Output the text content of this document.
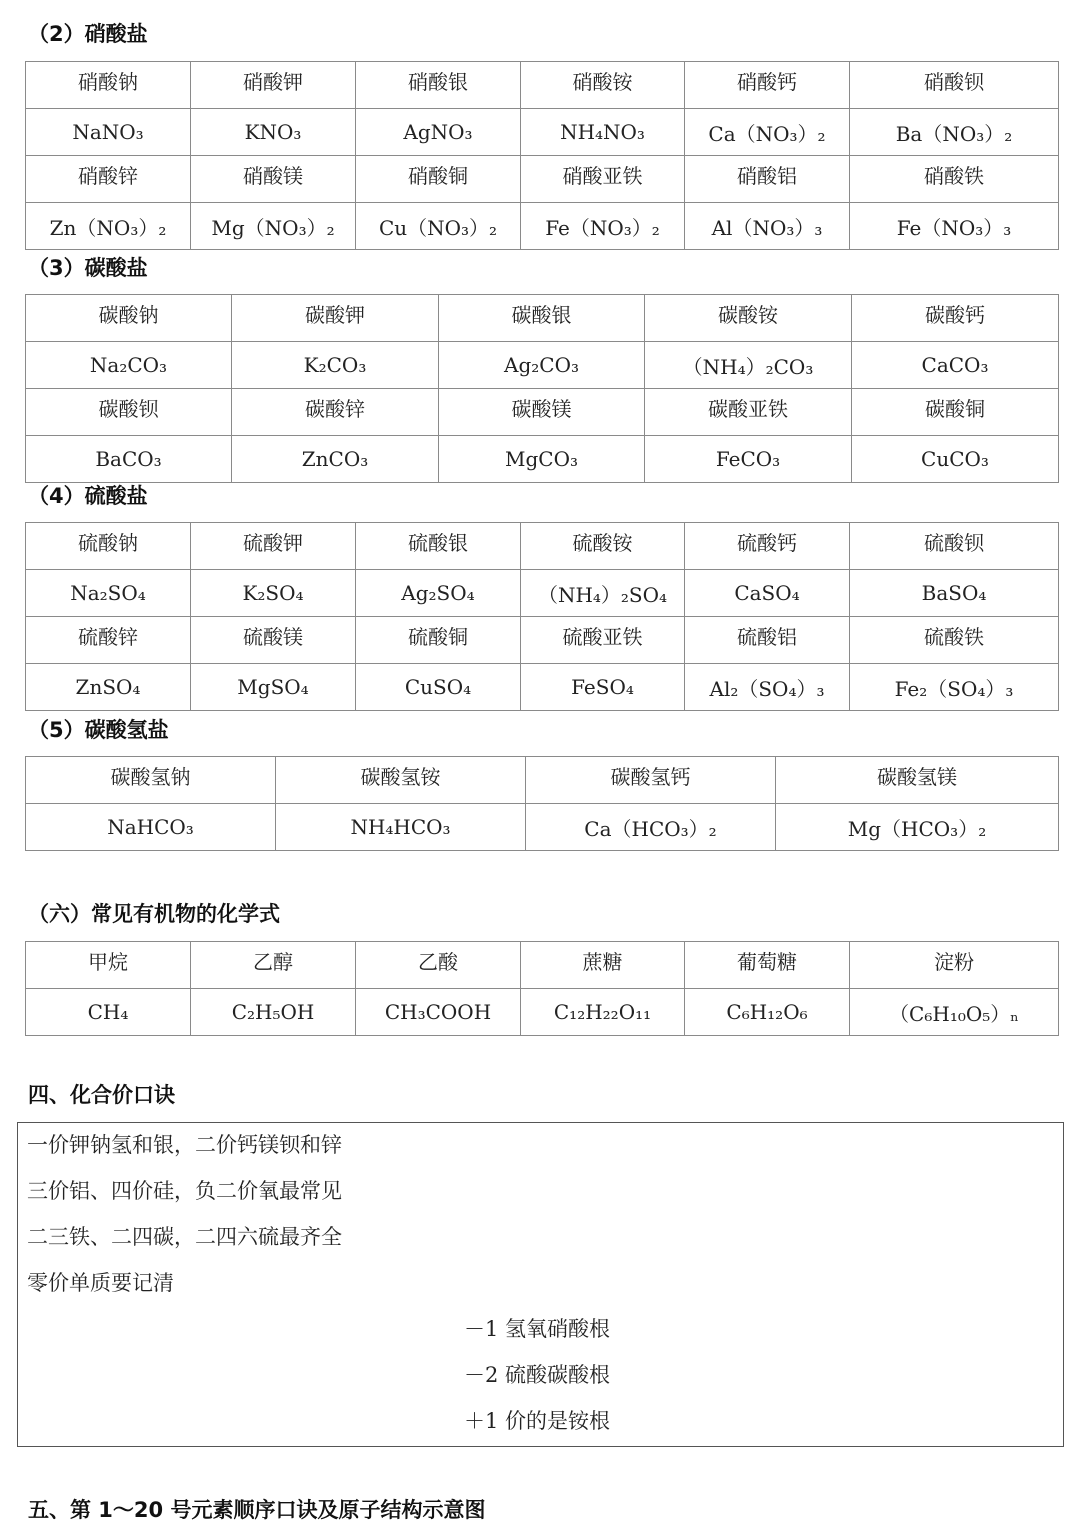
（2）硝酸盐
硝酸钠	硝酸钾	硝酸银	硝酸铵	硝酸钙	硝酸钡
NaNO₃	KNO₃	AgNO₃	NH₄NO₃	Ca（NO₃）₂	Ba（NO₃）₂
硝酸锌	硝酸镁	硝酸铜	硝酸亚铁	硝酸铝	硝酸铁
Zn（NO₃）₂	Mg（NO₃）₂	Cu（NO₃）₂	Fe（NO₃）₂	Al（NO₃）₃	Fe（NO₃）₃
（3）碳酸盐
碳酸钠	碳酸钾	碳酸银	碳酸铵	碳酸钙
Na₂CO₃	K₂CO₃	Ag₂CO₃	（NH₄）₂CO₃	CaCO₃
碳酸钡	碳酸锌	碳酸镁	碳酸亚铁	碳酸铜
BaCO₃	ZnCO₃	MgCO₃	FeCO₃	CuCO₃
（4）硫酸盐
硫酸钠	硫酸钾	硫酸银	硫酸铵	硫酸钙	硫酸钡
Na₂SO₄	K₂SO₄	Ag₂SO₄	（NH₄）₂SO₄	CaSO₄	BaSO₄
硫酸锌	硫酸镁	硫酸铜	硫酸亚铁	硫酸铝	硫酸铁
ZnSO₄	MgSO₄	CuSO₄	FeSO₄	Al₂（SO₄）₃	Fe₂（SO₄）₃
（5）碳酸氢盐
碳酸氢钠	碳酸氢铵	碳酸氢钙	碳酸氢镁
NaHCO₃	NH₄HCO₃	Ca（HCO₃）₂	Mg（HCO₃）₂
（六）常见有机物的化学式
甲烷	乙醇	乙酸	蔗糖	葡萄糖	淀粉
CH₄	C₂H₅OH	CH₃COOH	C₁₂H₂₂O₁₁	C₆H₁₂O₆	（C₆H₁₀O₅）ₙ
四、化合价口诀
一价钾钠氢和银，二价钙镁钡和锌
三价铝、四价硅，负二价氧最常见
二三铁、二四碳，二四六硫最齐全
零价单质要记清
－1 氢氧硝酸根
－2 硫酸碳酸根
＋1 价的是铵根
五、第 1～20 号元素顺序口诀及原子结构示意图
